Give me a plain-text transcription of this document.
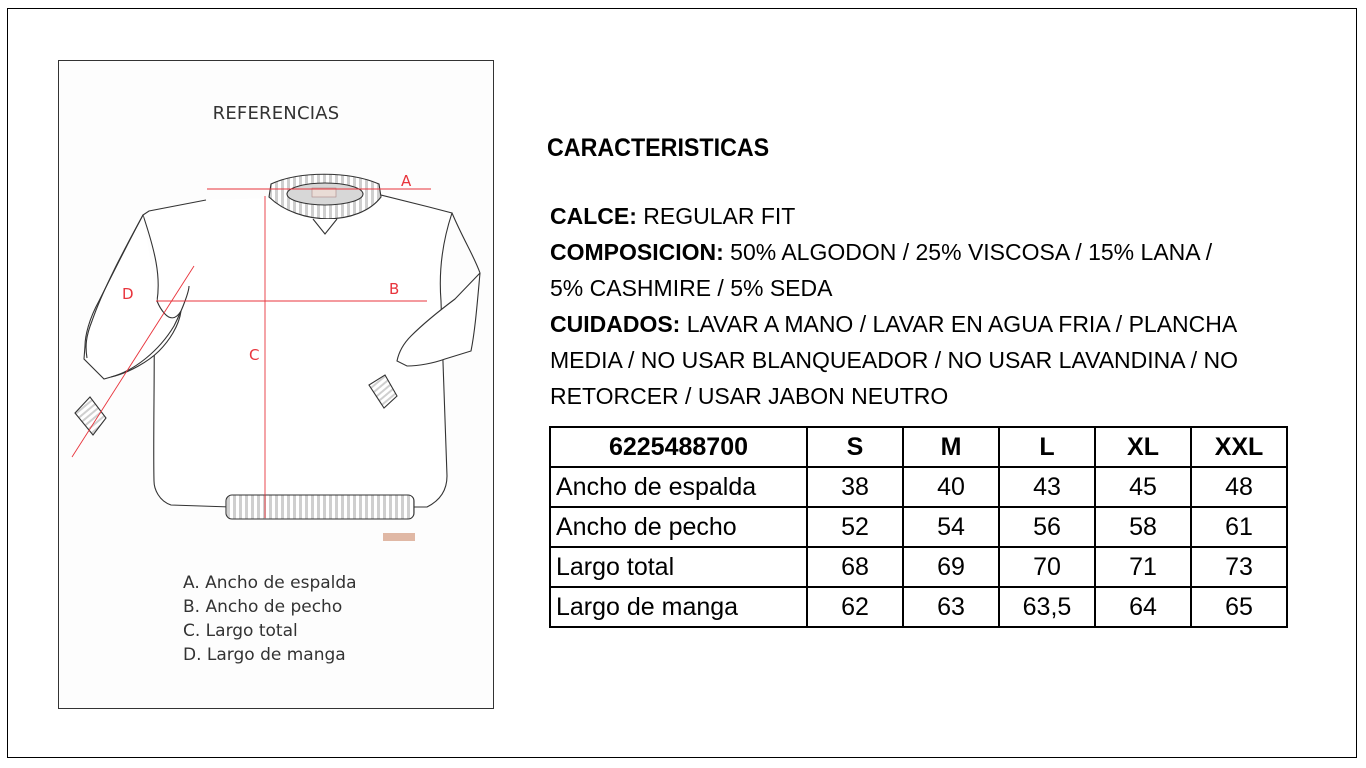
REFERENCIAS
A
B
C
D
A. Ancho de espalda
B. Ancho de pecho
C. Largo total
D. Largo de manga
CARACTERISTICAS

CALCE: REGULAR FIT

COMPOSICION: 50% ALGODON / 25% VISCOSA / 15% LANA /

5% CASHMIRE / 5% SEDA

CUIDADOS: LAVAR A MANO / LAVAR EN AGUA FRIA / PLANCHA

MEDIA / NO USAR BLANQUEADOR / NO USAR LAVANDINA / NO

RETORCER / USAR JABON NEUTRO

6225488700	S	M	L	XL	XXL
Ancho de espalda	38	40	43	45	48
Ancho de pecho	52	54	56	58	61
Largo total	68	69	70	71	73
Largo de manga	62	63	63,5	64	65
